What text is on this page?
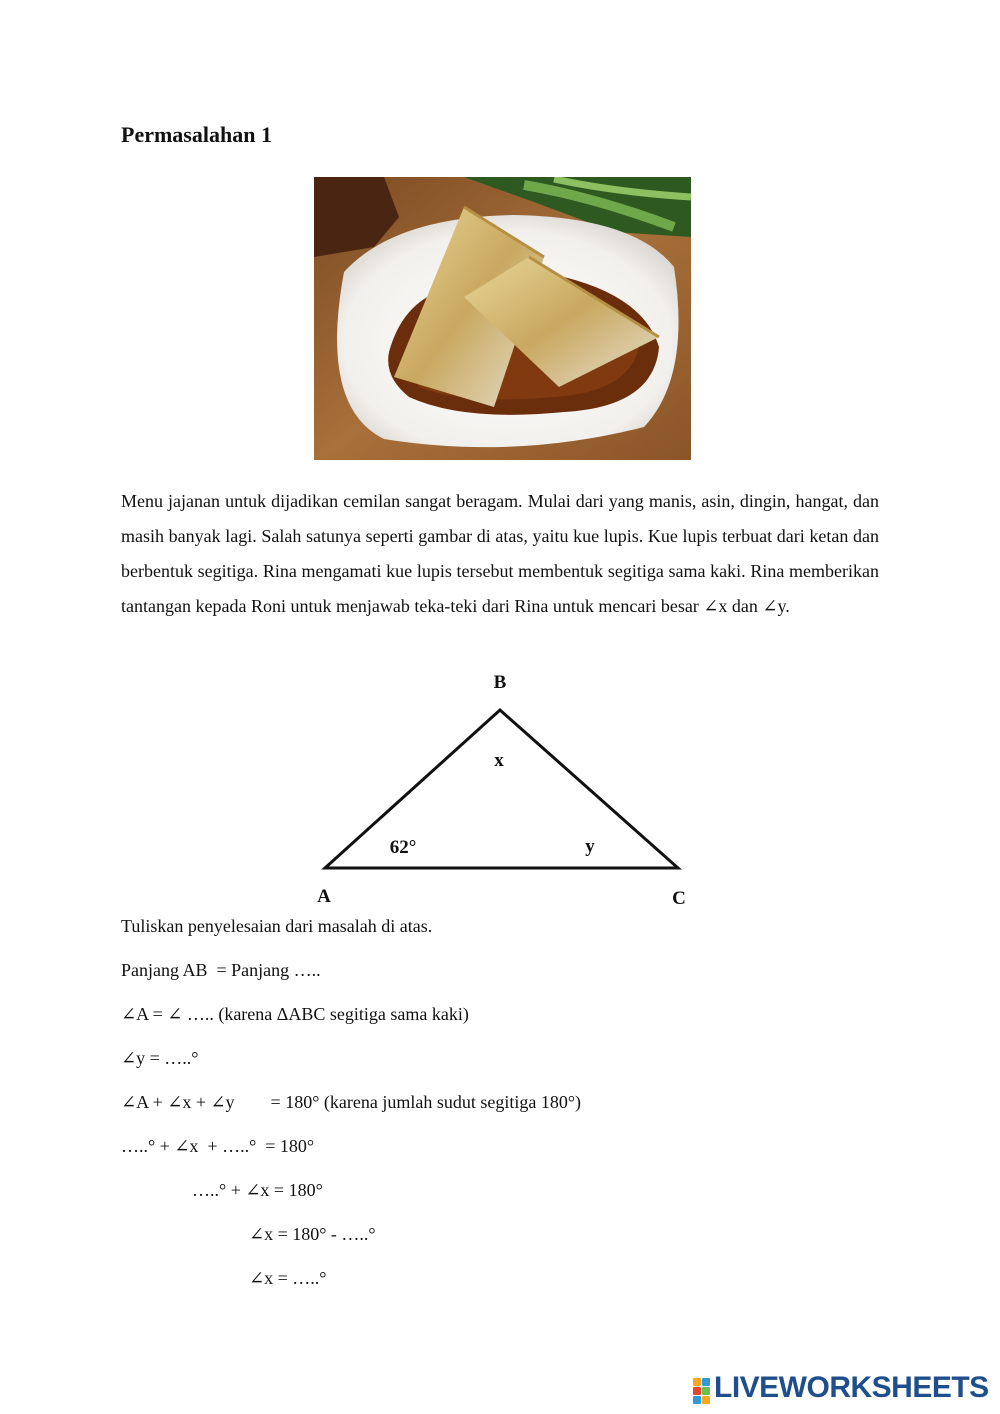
Permasalahan 1

Menu jajanan untuk dijadikan cemilan sangat beragam. Mulai dari yang manis, asin, dingin, hangat, dan masih banyak lagi. Salah satunya seperti gambar di atas, yaitu kue lupis. Kue lupis terbuat dari ketan dan berbentuk segitiga. Rina mengamati kue lupis tersebut membentuk segitiga sama kaki. Rina memberikan tantangan kepada Roni untuk menjawab teka-teki dari Rina untuk mencari besar ∠x dan ∠y.

B
A	C
x
62°	y
Tuliskan penyelesaian dari masalah di atas.
Panjang AB  = Panjang …..
∠A = ∠ ….. (karena ΔABC segitiga sama kaki)
∠y = …..°
∠A + ∠x + ∠y        = 180° (karena jumlah sudut segitiga 180°)
…..° + ∠x  + …..°  = 180°
…..° + ∠x = 180°
∠x = 180° - …..°
∠x = …..°
LIVEWORKSHEETS
